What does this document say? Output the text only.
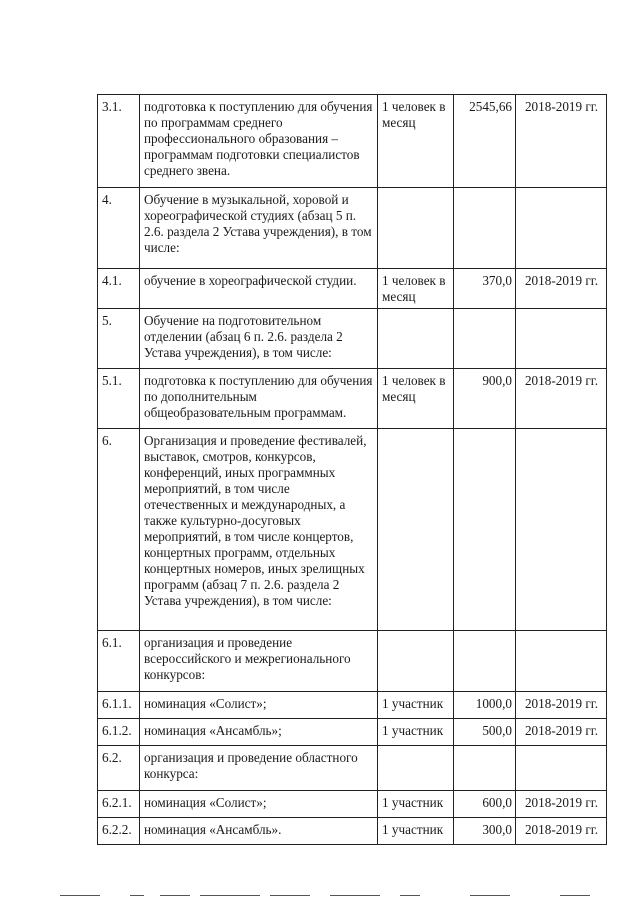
3.1.	подготовка к поступлению для обучения по программам среднего профессионального образования – программам подготовки специалистов среднего звена.	1 человек в месяц	2545,66	2018-2019 гг.
4.	Обучение в музыкальной, хоровой и хореографической студиях (абзац 5 п. 2.6. раздела 2 Устава учреждения), в том числе:			
4.1.	обучение в хореографической студии.	1 человек в месяц	370,0	2018-2019 гг.
5.	Обучение на подготовительном отделении (абзац 6 п. 2.6. раздела 2 Устава учреждения), в том числе:			
5.1.	подготовка к поступлению для обучения по дополнительным общеобразовательным программам.	1 человек в месяц	900,0	2018-2019 гг.
6.	Организация и проведение фестивалей, выставок, смотров, конкурсов, конференций, иных программных мероприятий, в том числе отечественных и международных, а также культурно-досуговых мероприятий, в том числе концертов, концертных программ, отдельных концертных номеров, иных зрелищных программ (абзац 7 п. 2.6. раздела 2 Устава учреждения), в том числе:			
6.1.	организация и проведение всероссийского и межрегионального конкурсов:			
6.1.1.	номинация «Солист»;	1 участник	1000,0	2018-2019 гг.
6.1.2.	номинация «Ансамбль»;	1 участник	500,0	2018-2019 гг.
6.2.	организация и проведение областного конкурса:			
6.2.1.	номинация «Солист»;	1 участник	600,0	2018-2019 гг.
6.2.2.	номинация «Ансамбль».	1 участник	300,0	2018-2019 гг.
